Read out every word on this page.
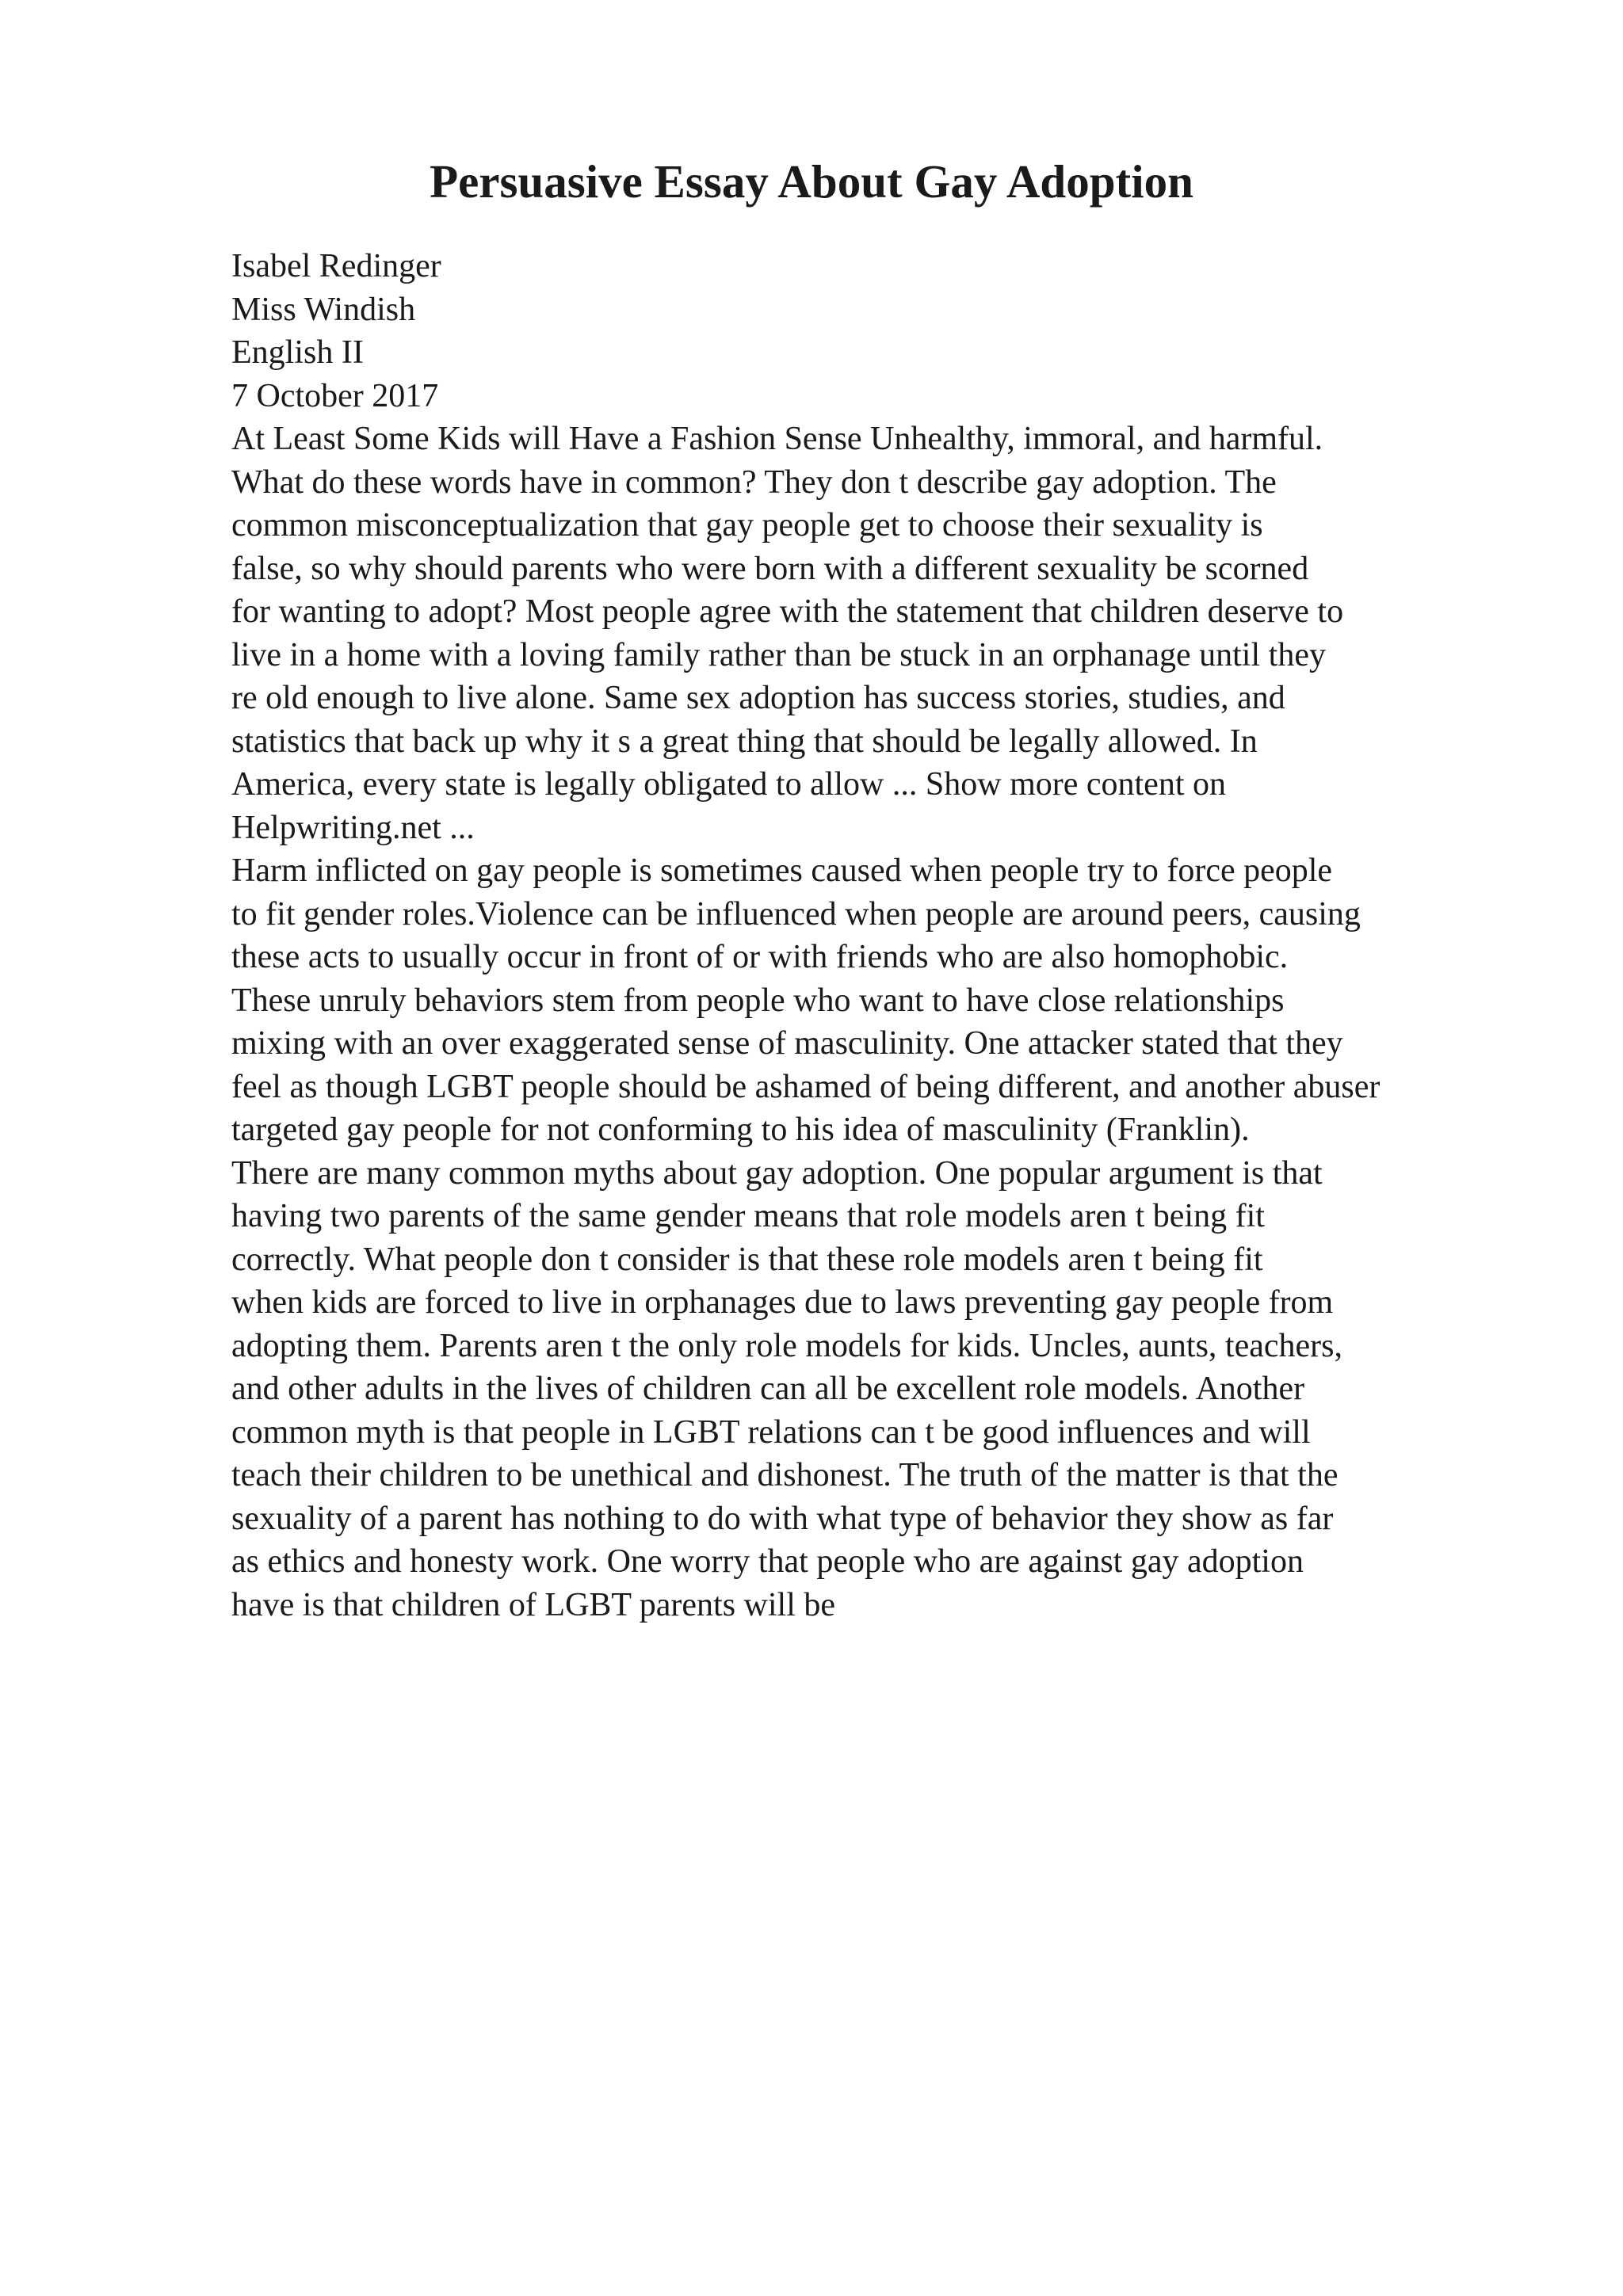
Persuasive Essay About Gay Adoption
Isabel Redinger
Miss Windish
English II
7 October 2017
At Least Some Kids will Have a Fashion Sense Unhealthy, immoral, and harmful.
What do these words have in common? They don t describe gay adoption. The
common misconceptualization that gay people get to choose their sexuality is
false, so why should parents who were born with a different sexuality be scorned
for wanting to adopt? Most people agree with the statement that children deserve to
live in a home with a loving family rather than be stuck in an orphanage until they
re old enough to live alone. Same sex adoption has success stories, studies, and
statistics that back up why it s a great thing that should be legally allowed. In
America, every state is legally obligated to allow ... Show more content on
Helpwriting.net ...
Harm inflicted on gay people is sometimes caused when people try to force people
to fit gender roles.Violence can be influenced when people are around peers, causing
these acts to usually occur in front of or with friends who are also homophobic.
These unruly behaviors stem from people who want to have close relationships
mixing with an over exaggerated sense of masculinity. One attacker stated that they
feel as though LGBT people should be ashamed of being different, and another abuser
targeted gay people for not conforming to his idea of masculinity (Franklin).
There are many common myths about gay adoption. One popular argument is that
having two parents of the same gender means that role models aren t being fit
correctly. What people don t consider is that these role models aren t being fit
when kids are forced to live in orphanages due to laws preventing gay people from
adopting them. Parents aren t the only role models for kids. Uncles, aunts, teachers,
and other adults in the lives of children can all be excellent role models. Another
common myth is that people in LGBT relations can t be good influences and will
teach their children to be unethical and dishonest. The truth of the matter is that the
sexuality of a parent has nothing to do with what type of behavior they show as far
as ethics and honesty work. One worry that people who are against gay adoption
have is that children of LGBT parents will be
